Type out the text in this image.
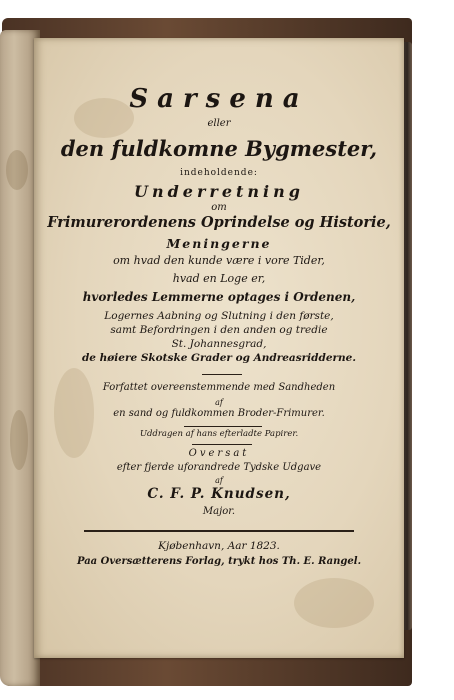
Sarsena
eller
den fuldkomne Bygmester,
indeholdende:
Underretning
om
Frimurerordenens Oprindelse og Historie,
Meningerne
om hvad den kunde være i vore Tider,
hvad en Loge er,
hvorledes Lemmerne optages i Ordenen,
Logernes Aabning og Slutning i den første,
samt Befordringen i den anden og tredie
St. Johannesgrad,
de høiere Skotske Grader og Andreasridderne.
Forfattet overeenstemmende med Sandheden
af
en sand og fuldkommen Broder-Frimurer.
Uddragen af hans efterladte Papirer.
Oversat
efter fjerde uforandrede Tydske Udgave
af
C. F. P. Knudsen,
Major.
Kjøbenhavn, Aar 1823.
Paa Oversætterens Forlag, trykt hos Th. E. Rangel.
